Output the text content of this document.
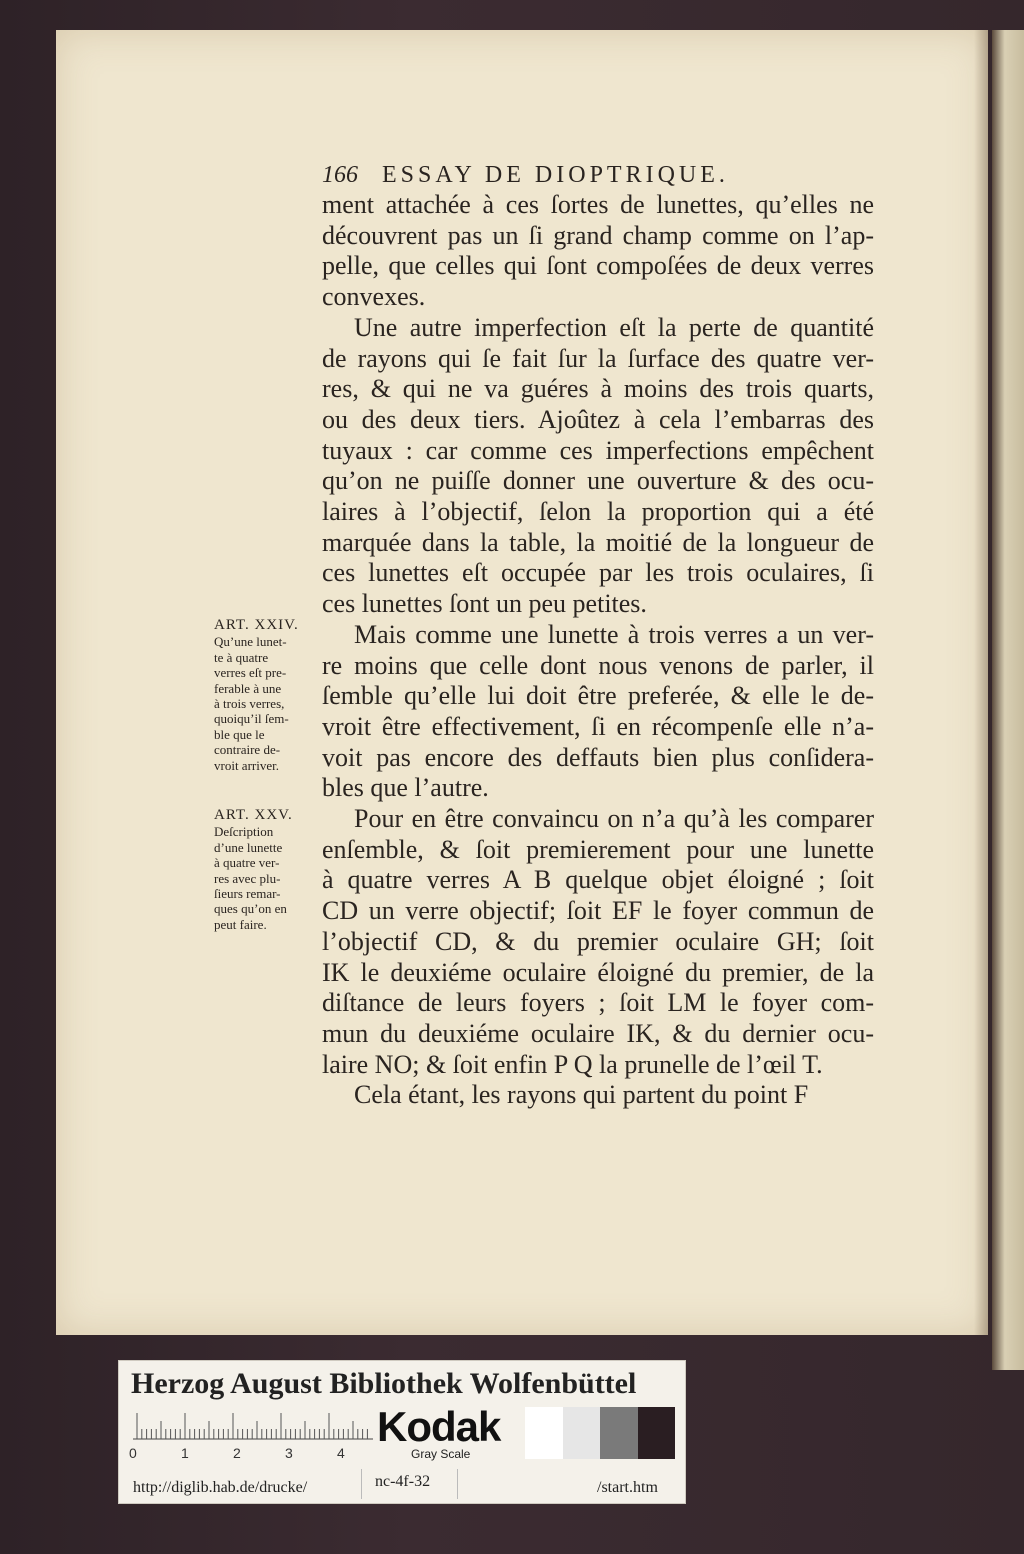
166 ESSAY DE DIOPTRIQUE.
ment attachée à ces ſortes de lunettes, qu’elles ne
découvrent pas un ſi grand champ comme on l’ap-
pelle, que celles qui ſont compoſées de deux verres
convexes.
Une autre imperfection eſt la perte de quantité
de rayons qui ſe fait ſur la ſurface des quatre ver-
res, & qui ne va guéres à moins des trois quarts,
ou des deux tiers. Ajoûtez à cela l’embarras des
tuyaux : car comme ces imperfections empêchent
qu’on ne puiſſe donner une ouverture & des ocu-
laires à l’objectif, ſelon la proportion qui a été
marquée dans la table, la moitié de la longueur de
ces lunettes eſt occupée par les trois oculaires, ſi
ces lunettes ſont un peu petites.
Mais comme une lunette à trois verres a un ver-
re moins que celle dont nous venons de parler, il
ſemble qu’elle lui doit être preferée, & elle le de-
vroit être effectivement, ſi en récompenſe elle n’a-
voit pas encore des deffauts bien plus conſidera-
bles que l’autre.
Pour en être convaincu on n’a qu’à les comparer
enſemble, & ſoit premierement pour une lunette
à quatre verres A B quelque objet éloigné ; ſoit
CD un verre objectif; ſoit EF le foyer commun de
l’objectif CD, & du premier oculaire GH; ſoit
IK le deuxiéme oculaire éloigné du premier, de la
diſtance de leurs foyers ; ſoit LM le foyer com-
mun du deuxiéme oculaire IK, & du dernier ocu-
laire NO; & ſoit enfin P Q la prunelle de l’œil T.
Cela étant, les rayons qui partent du point F
ART. XXIV.
Qu’une lunet-
te à quatre
verres eſt pre-
ferable à une
à trois verres,
quoiqu’il ſem-
ble que le
contraire de-
vroit arriver.
ART. XXV.
Deſcription
d’une lunette
à quatre ver-
res avec plu-
ſieurs remar-
ques qu’on en
peut faire.
Herzog August Bibliothek Wolfenbüttel
0	1	2	3	4
Kodak
Gray Scale
http://diglib.hab.de/drucke/	nc-4f-32	/start.htm
